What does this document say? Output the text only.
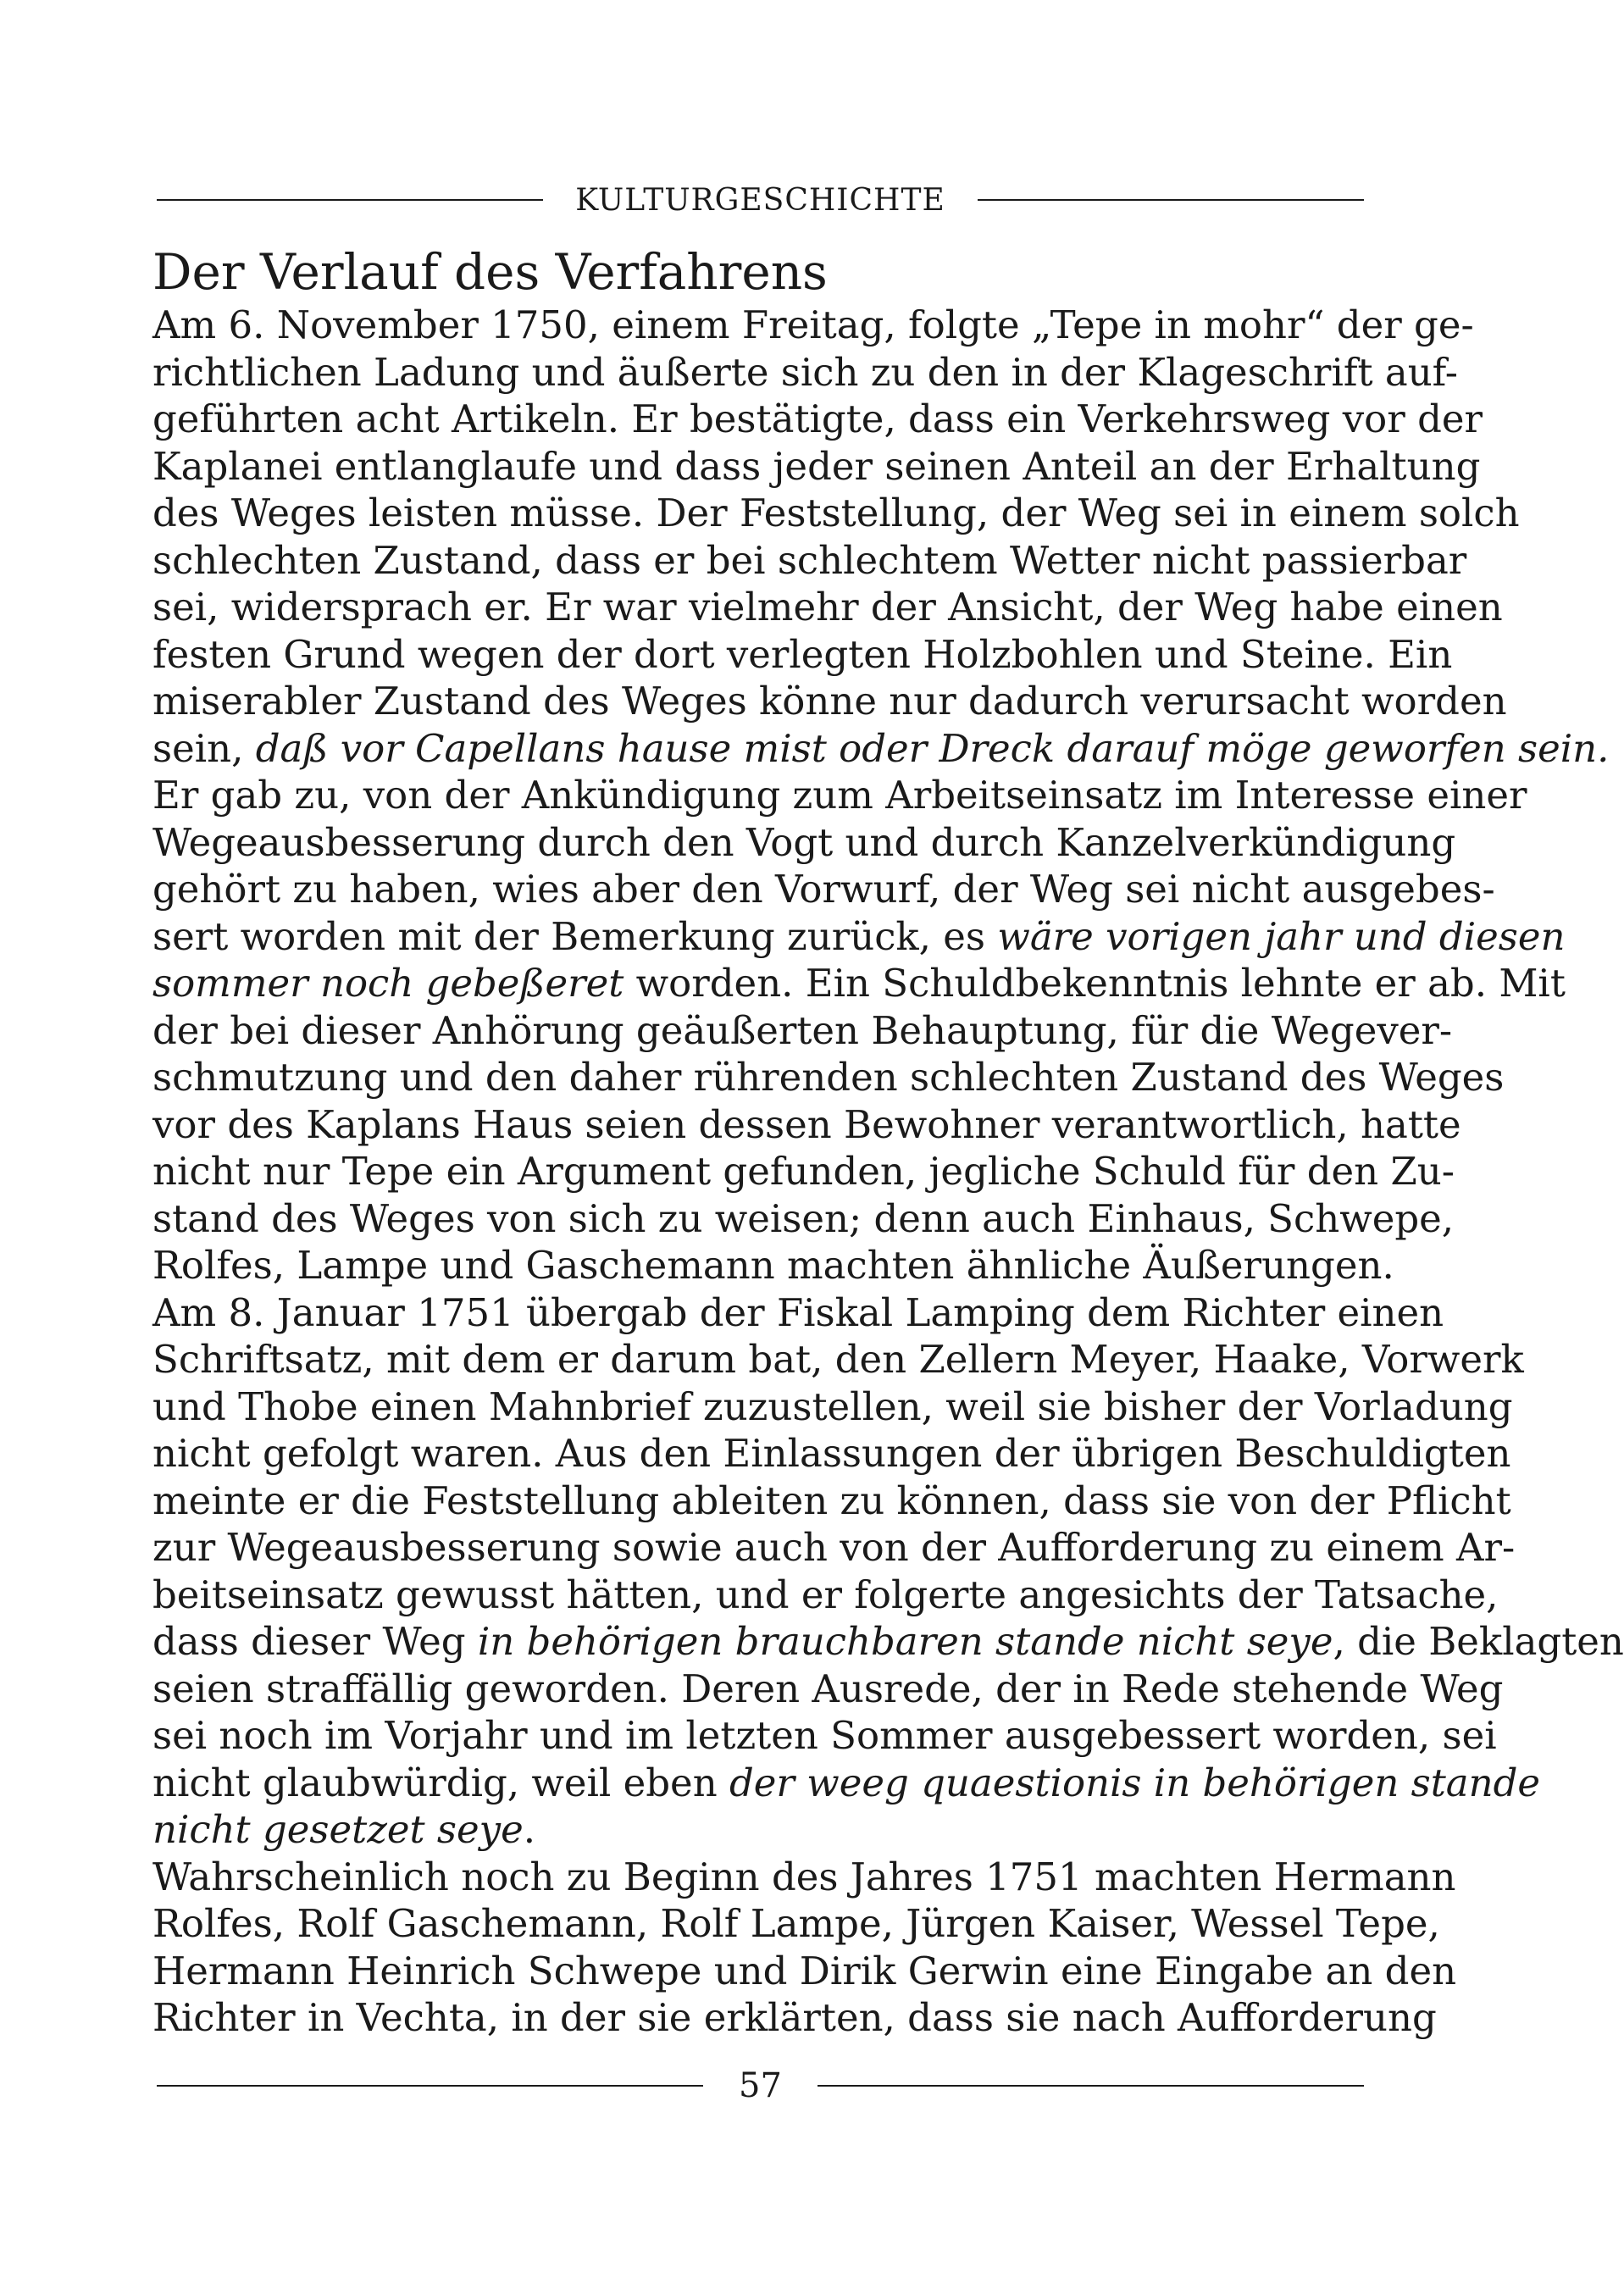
KULTURGESCHICHTE
Der Verlauf des Verfahrens
Am 6. November 1750, einem Freitag, folgte „Tepe in mohr“ der ge-
richtlichen Ladung und äußerte sich zu den in der Klageschrift auf-
geführten acht Artikeln. Er bestätigte, dass ein Verkehrsweg vor der
Kaplanei entlanglaufe und dass jeder seinen Anteil an der Erhaltung
des Weges leisten müsse. Der Feststellung, der Weg sei in einem solch
schlechten Zustand, dass er bei schlechtem Wetter nicht passierbar
sei, widersprach er. Er war vielmehr der Ansicht, der Weg habe einen
festen Grund wegen der dort verlegten Holzbohlen und Steine. Ein
miserabler Zustand des Weges könne nur dadurch verursacht worden
sein, daß vor Capellans hause mist oder Dreck darauf möge geworfen sein.
Er gab zu, von der Ankündigung zum Arbeitseinsatz im Interesse einer
Wegeausbesserung durch den Vogt und durch Kanzelverkündigung
gehört zu haben, wies aber den Vorwurf, der Weg sei nicht ausgebes-
sert worden mit der Bemerkung zurück, es wäre vorigen jahr und diesen
sommer noch gebeßeret worden. Ein Schuldbekenntnis lehnte er ab. Mit
der bei dieser Anhörung geäußerten Behauptung, für die Wegever-
schmutzung und den daher rührenden schlechten Zustand des Weges
vor des Kaplans Haus seien dessen Bewohner verantwortlich, hatte
nicht nur Tepe ein Argument gefunden, jegliche Schuld für den Zu-
stand des Weges von sich zu weisen; denn auch Einhaus, Schwepe,
Rolfes, Lampe und Gaschemann machten ähnliche Äußerungen.
Am 8. Januar 1751 übergab der Fiskal Lamping dem Richter einen
Schriftsatz, mit dem er darum bat, den Zellern Meyer, Haake, Vorwerk
und Thobe einen Mahnbrief zuzustellen, weil sie bisher der Vorladung
nicht gefolgt waren. Aus den Einlassungen der übrigen Beschuldigten
meinte er die Feststellung ableiten zu können, dass sie von der Pflicht
zur Wegeausbesserung sowie auch von der Aufforderung zu einem Ar-
beitseinsatz gewusst hätten, und er folgerte angesichts der Tatsache,
dass dieser Weg in behörigen brauchbaren stande nicht seye, die Beklagten
seien straffällig geworden. Deren Ausrede, der in Rede stehende Weg
sei noch im Vorjahr und im letzten Sommer ausgebessert worden, sei
nicht glaubwürdig, weil eben der weeg quaestionis in behörigen stande
nicht gesetzet seye.
Wahrscheinlich noch zu Beginn des Jahres 1751 machten Hermann
Rolfes, Rolf Gaschemann, Rolf Lampe, Jürgen Kaiser, Wessel Tepe,
Hermann Heinrich Schwepe und Dirik Gerwin eine Eingabe an den
Richter in Vechta, in der sie erklärten, dass sie nach Aufforderung
57
